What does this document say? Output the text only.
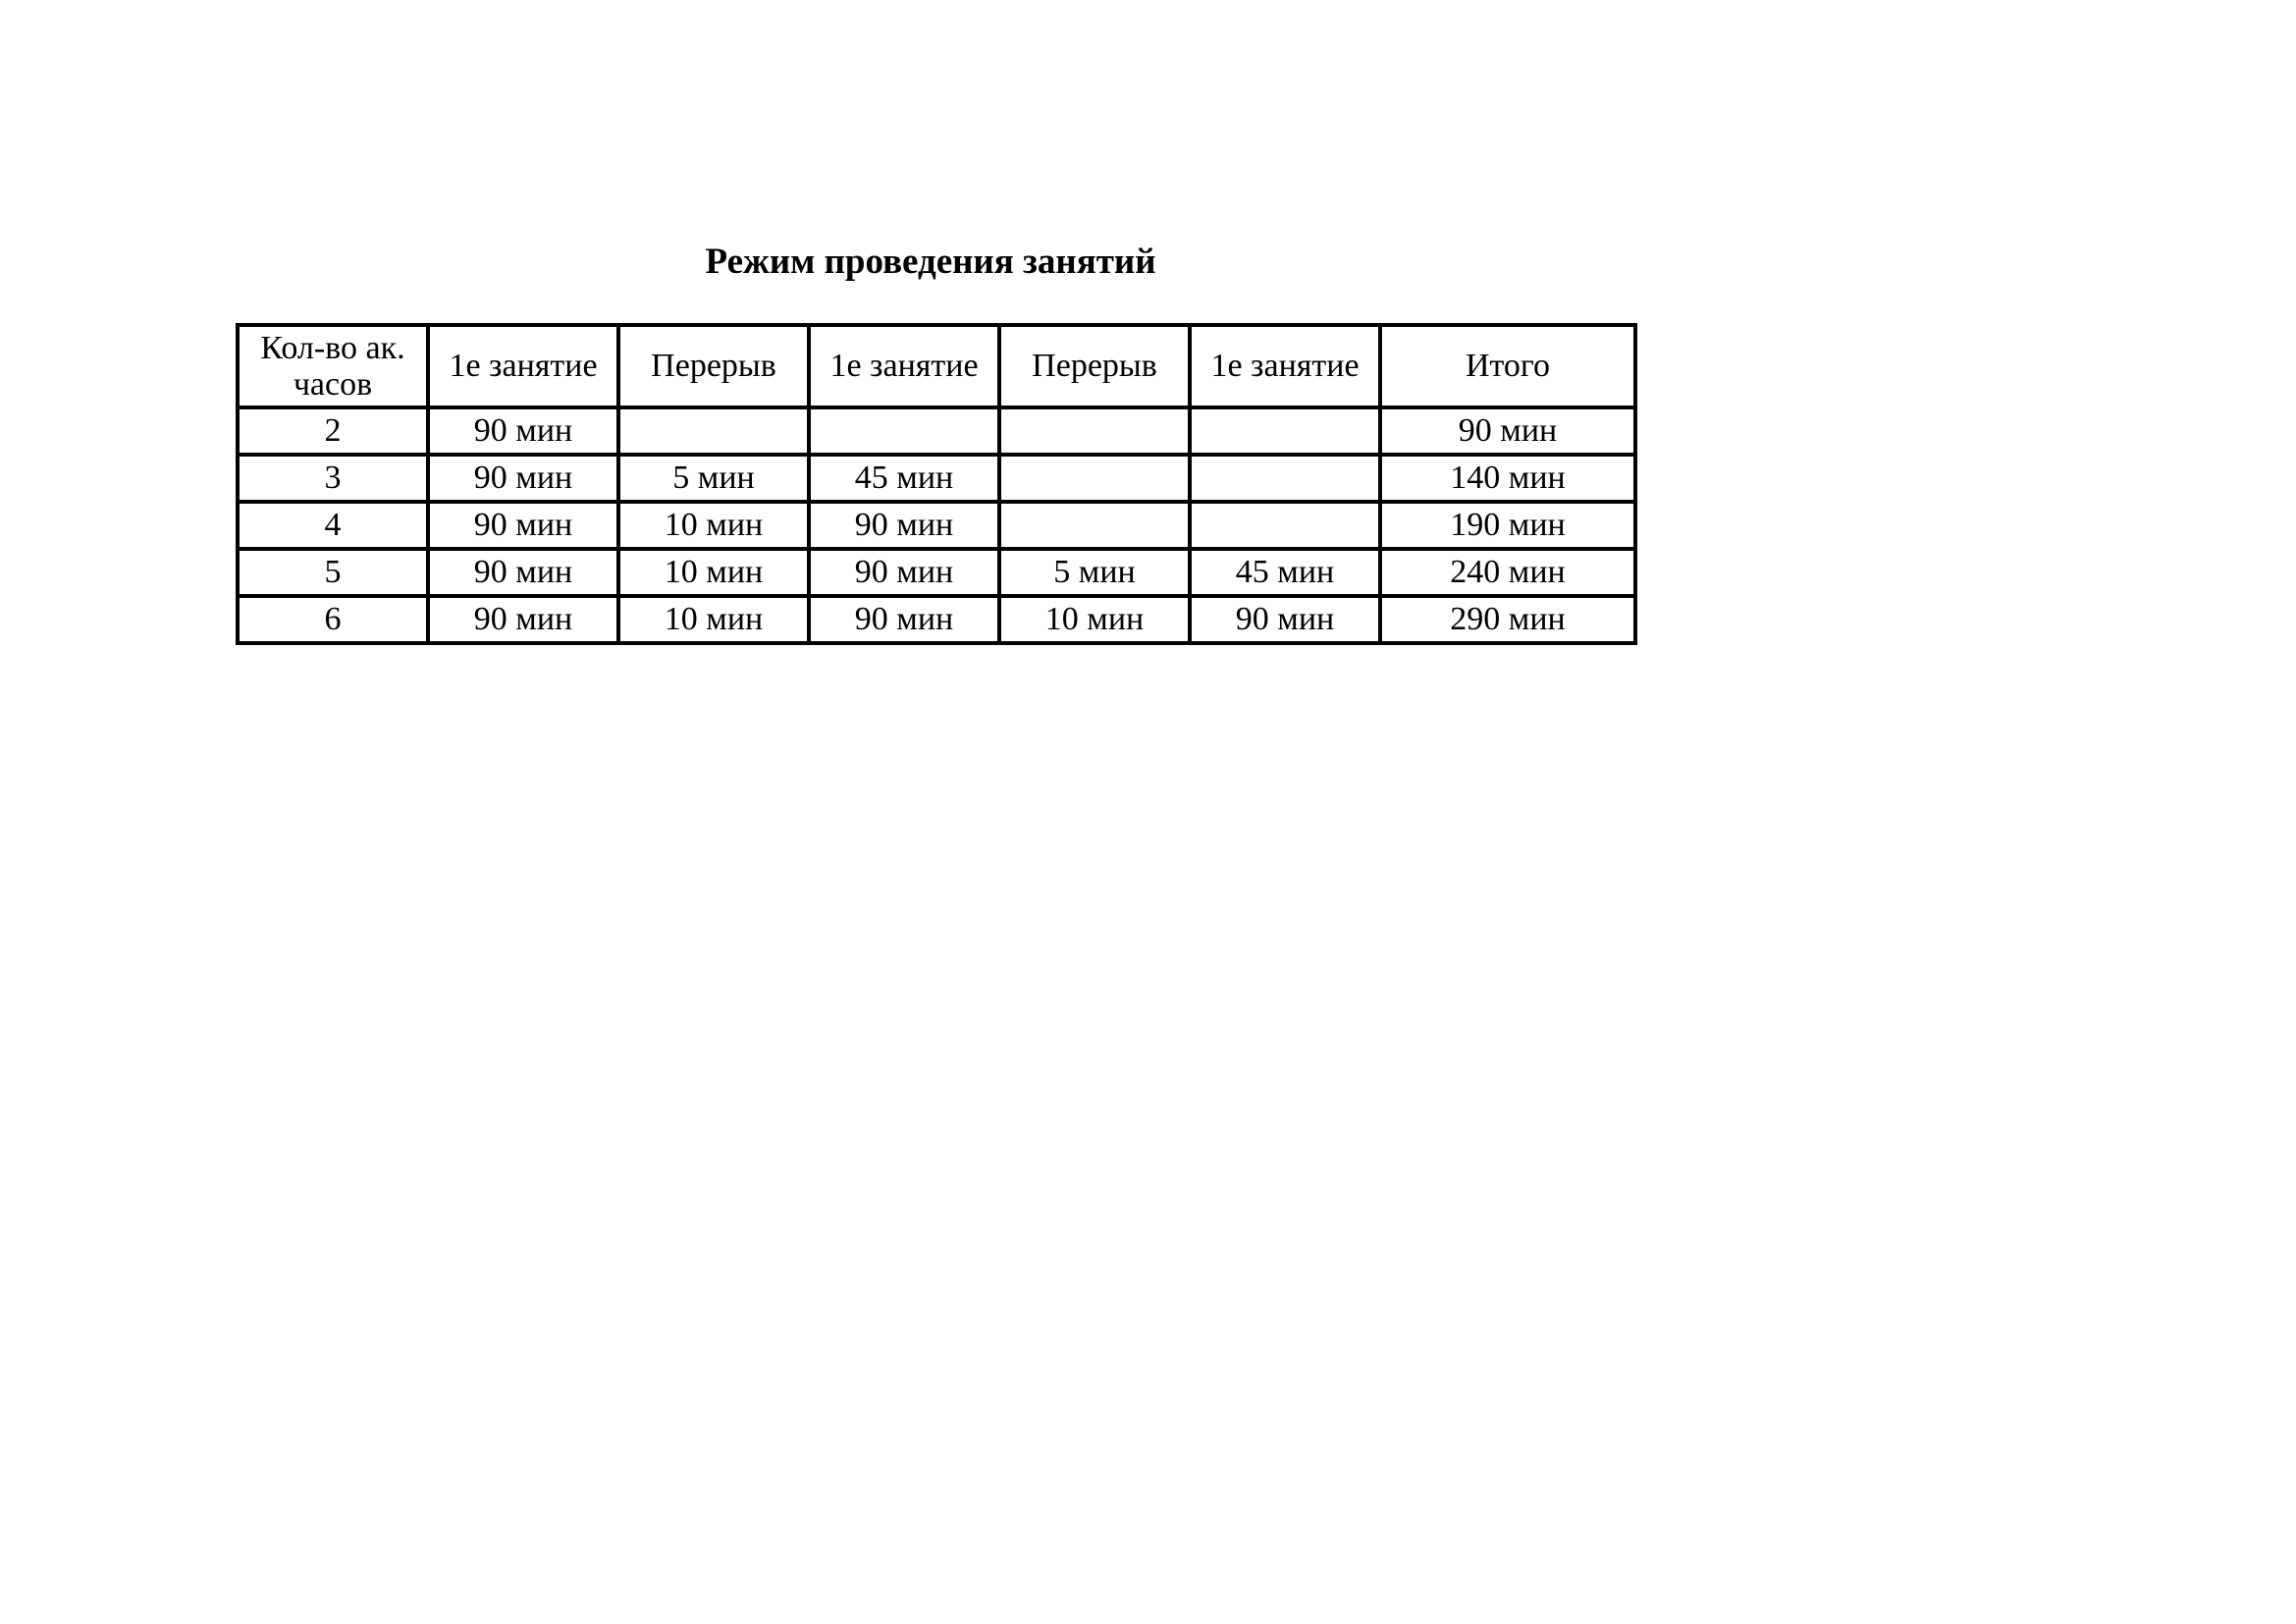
Режим проведения занятий
Кол-во ак. часов	1е занятие	Перерыв	1е занятие	Перерыв	1е занятие	Итого
2	90 мин					90 мин
3	90 мин	5 мин	45 мин			140 мин
4	90 мин	10 мин	90 мин			190 мин
5	90 мин	10 мин	90 мин	5 мин	45 мин	240 мин
6	90 мин	10 мин	90 мин	10 мин	90 мин	290 мин
